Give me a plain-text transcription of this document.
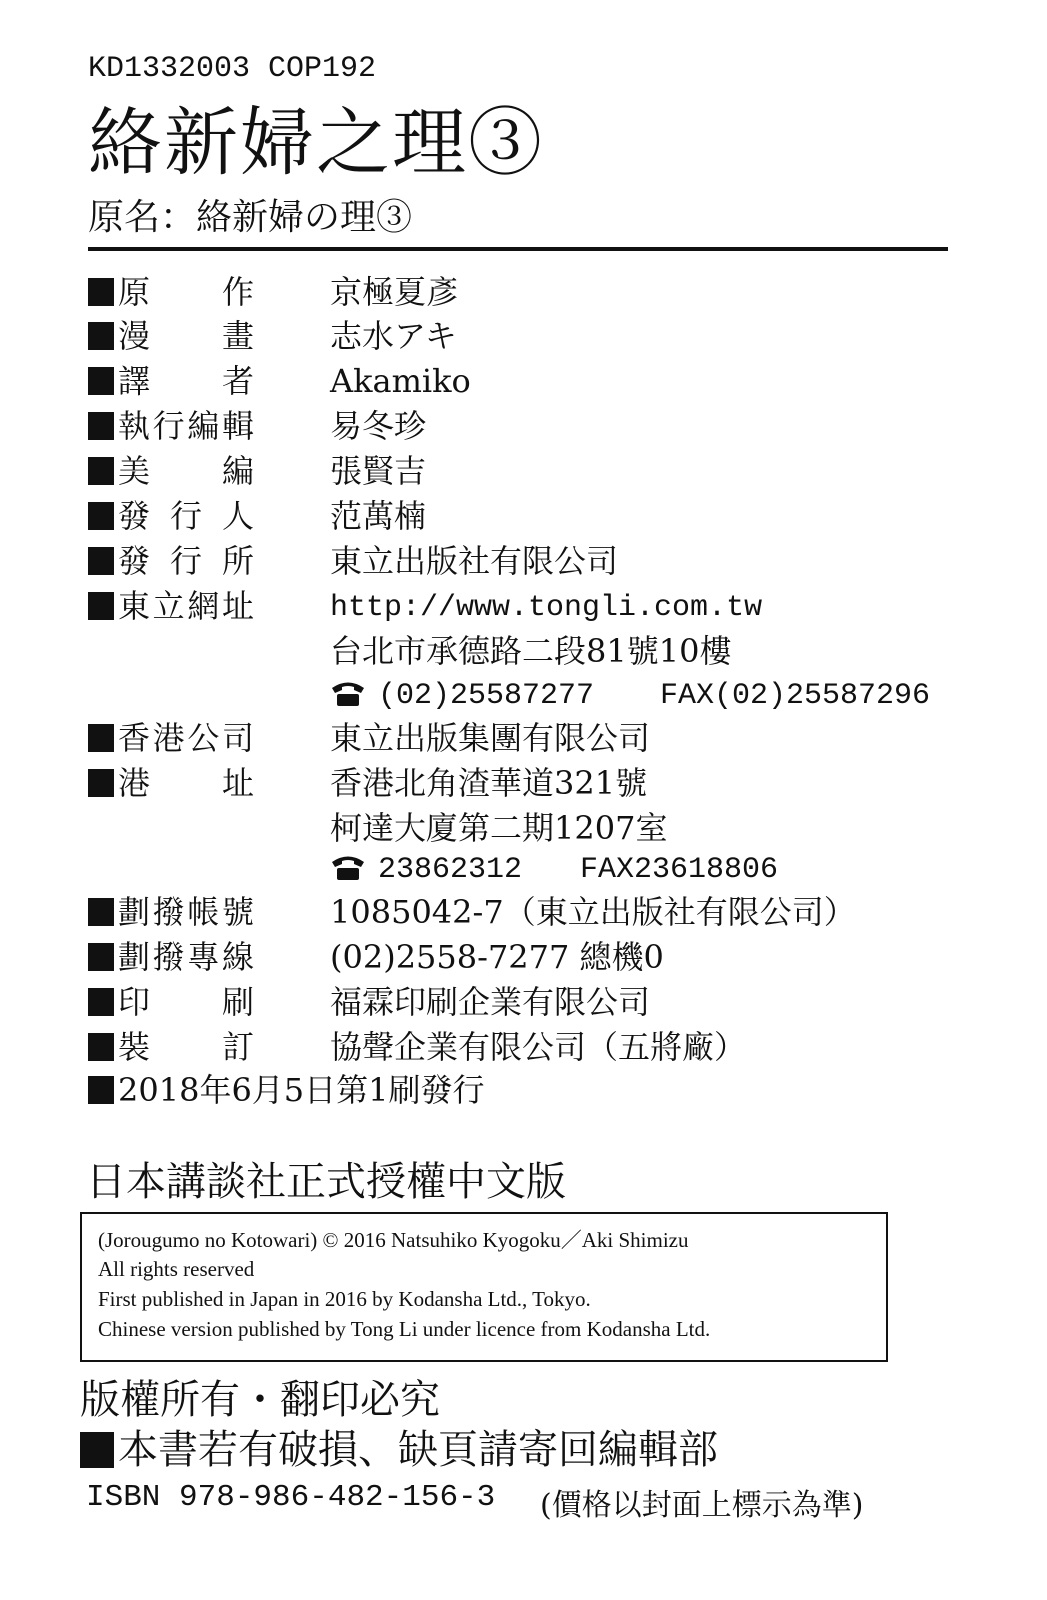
KD1332003 COP192
絡新婦之理③
原名：絡新婦の理③
原　作 京極夏彥
漫　畫 志水アキ
譯　者 Akamiko
執行編輯 易冬珍
美　編 張賢吉
發 行 人 范萬楠
發 行 所 東立出版社有限公司
東立網址	http://www.tongli.com.tw
台北市承德路二段81號10樓
(02)25587277 FAX(02)25587296
香港公司 東立出版集團有限公司
港　址 香港北角渣華道321號
柯達大廈第二期1207室
23862312 FAX23618806
劃撥帳號 1085042-7（東立出版社有限公司）
劃撥專線 (02)2558-7277 總機0
印　刷 福霖印刷企業有限公司
裝　訂 協聲企業有限公司（五將廠）
2018年6月5日第1刷發行
日本講談社正式授權中文版
(Jorougumo no Kotowari) © 2016 Natsuhiko Kyogoku／Aki Shimizu
All rights reserved
First published in Japan in 2016 by Kodansha Ltd., Tokyo.
Chinese version published by Tong Li under licence from Kodansha Ltd.
版權所有・翻印必究
本書若有破損、缺頁請寄回編輯部
ISBN 978-986-482-156-3 (價格以封面上標示為準)
